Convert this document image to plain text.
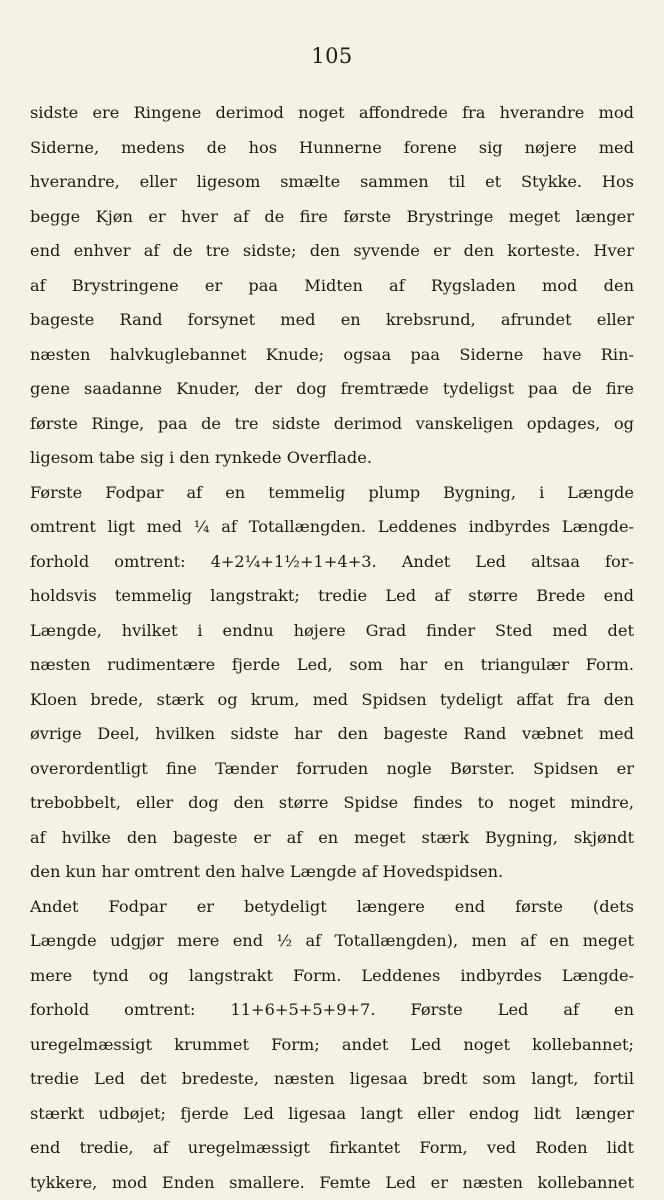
105
sidste ere Ringene derimod noget affondrede fra hverandre mod
Siderne, medens de hos Hunnerne forene sig nøjere med
hverandre, eller ligesom smælte sammen til et Stykke. Hos
begge Kjøn er hver af de fire første Brystringe meget længer
end enhver af de tre sidste; den syvende er den korteste. Hver
af Brystringene er paa Midten af Rygsladen mod den
bageste Rand forsynet med en krebsrund, afrundet eller
næsten halvkuglebannet Knude; ogsaa paa Siderne have Rin-
gene saadanne Knuder, der dog fremtræde tydeligst paa de fire
første Ringe, paa de tre sidste derimod vanskeligen opdages, og
ligesom tabe sig i den rynkede Overflade.
Første Fodpar af en temmelig plump Bygning, i Længde
omtrent ligt med ¼ af Totallængden. Leddenes indbyrdes Længde-
forhold omtrent: 4+2¼+1½+1+4+3. Andet Led altsaa for-
holdsvis temmelig langstrakt; tredie Led af større Brede end
Længde, hvilket i endnu højere Grad finder Sted med det
næsten rudimentære fjerde Led, som har en triangulær Form.
Kloen brede, stærk og krum, med Spidsen tydeligt affat fra den
øvrige Deel, hvilken sidste har den bageste Rand væbnet med
overordentligt fine Tænder forruden nogle Børster. Spidsen er
trebobbelt, eller dog den større Spidse findes to noget mindre,
af hvilke den bageste er af en meget stærk Bygning, skjøndt
den kun har omtrent den halve Længde af Hovedspidsen.
Andet Fodpar er betydeligt længere end første (dets
Længde udgjør mere end ½ af Totallængden), men af en meget
mere tynd og langstrakt Form. Leddenes indbyrdes Længde-
forhold omtrent: 11+6+5+5+9+7. Første Led af en
uregelmæssigt krummet Form; andet Led noget kollebannet;
tredie Led det bredeste, næsten ligesaa bredt som langt, fortil
stærkt udbøjet; fjerde Led ligesaa langt eller endog lidt længer
end tredie, af uregelmæssigt firkantet Form, ved Roden lidt
tykkere, mod Enden smallere. Femte Led er næsten kollebannet
